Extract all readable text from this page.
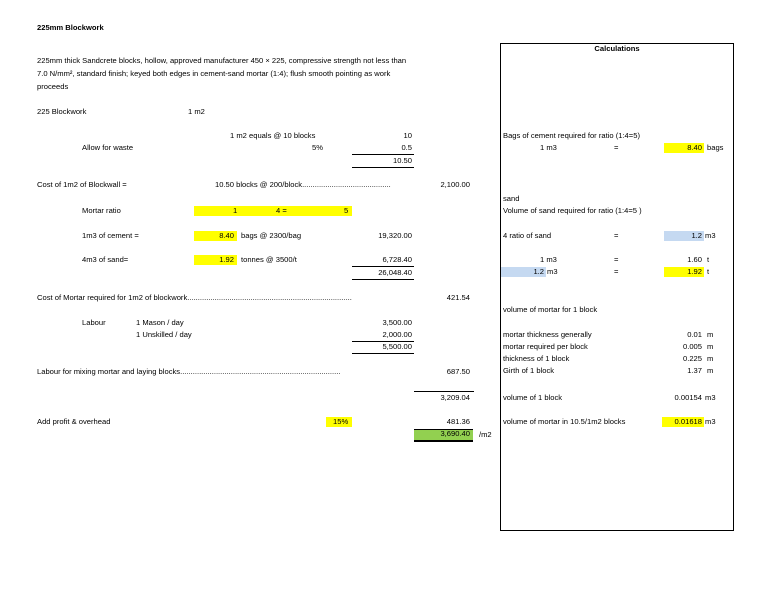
225mm Blockwork
225mm thick Sandcrete blocks, hollow, approved manufacturer 450 × 225, compressive strength not less than
7.0 N/mm², standard finish; keyed both edges in cement-sand mortar (1:4); flush smooth pointing as work
proceeds
225 Blockwork	1 m2
1 m2 equals @ 10 blocks	10
Allow for waste	5%	0.5
10.50
Cost of 1m2 of Blockwall =	10.50 blocks @ 200/block..........................................	2,100.00
Mortar ratio	1	4 =	5
1m3 of cement =	8.40 bags @ 2300/bag	19,320.00
4m3 of sand=	1.92 tonnes @ 3500/t	6,728.40
26,048.40
Cost of Mortar required for 1m2 of blockwork..............................................................................	421.54
Labour	1 Mason / day	3,500.00
1 Unskilled / day	2,000.00
5,500.00
Labour for mixing mortar and laying blocks............................................................................	687.50
3,209.04
Add profit & overhead	15%	481.36
3,690.40 /m2
Calculations
Bags of cement required for ratio (1:4=5)
1 m3	=	8.40 bags
sand
Volume of sand required for ratio (1:4=5 )
4 ratio of sand	=	1.2 m3
1 m3	=	1.60 t
1.2 m3	=	1.92 t
volume of mortar for 1 block
mortar thickness generally	0.01 m
mortar required per block	0.005 m
thickness of 1 block	0.225 m
Girth of 1 block	1.37 m
volume of 1 block	0.00154 m3
volume of mortar in 10.5/1m2 blocks	0.01618 m3
